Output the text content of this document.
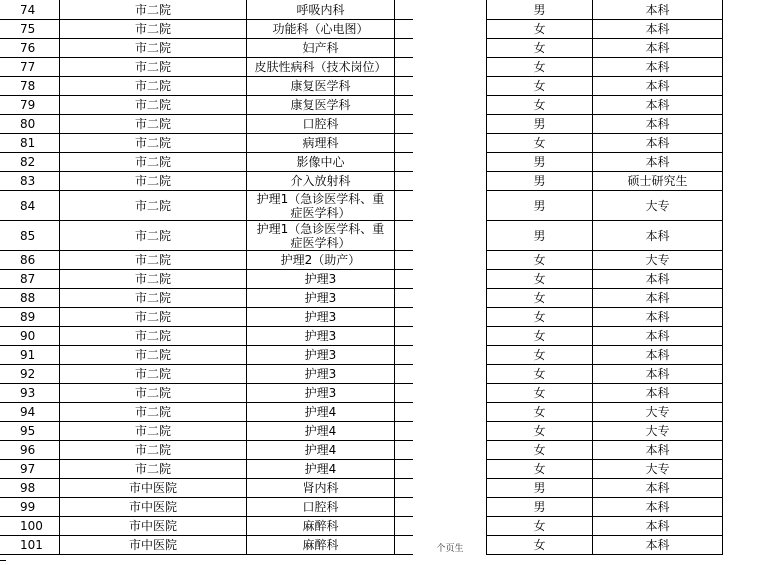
74	市二院	呼吸内科	男	本科
75	市二院	功能科（心电图）	女	本科
76	市二院	妇产科	女	本科
77	市二院	皮肤性病科（技术岗位）	女	本科
78	市二院	康复医学科	女	本科
79	市二院	康复医学科	女	本科
80	市二院	口腔科	男	本科
81	市二院	病理科	女	本科
82	市二院	影像中心	男	本科
83	市二院	介入放射科	男	硕士研究生
84	市二院	护理1（急诊医学科、重症医学科）	男	大专
85	市二院	护理1（急诊医学科、重症医学科）	男	本科
86	市二院	护理2（助产）	女	大专
87	市二院	护理3	女	本科
88	市二院	护理3	女	本科
89	市二院	护理3	女	本科
90	市二院	护理3	女	本科
91	市二院	护理3	女	本科
92	市二院	护理3	女	本科
93	市二院	护理3	女	本科
94	市二院	护理4	女	大专
95	市二院	护理4	女	大专
96	市二院	护理4	女	本科
97	市二院	护理4	女	大专
98	市中医院	肾内科	男	本科
99	市中医院	口腔科	男	本科
100	市中医院	麻醉科	女	本科
101	市中医院	麻醉科	女	本科
个页生
